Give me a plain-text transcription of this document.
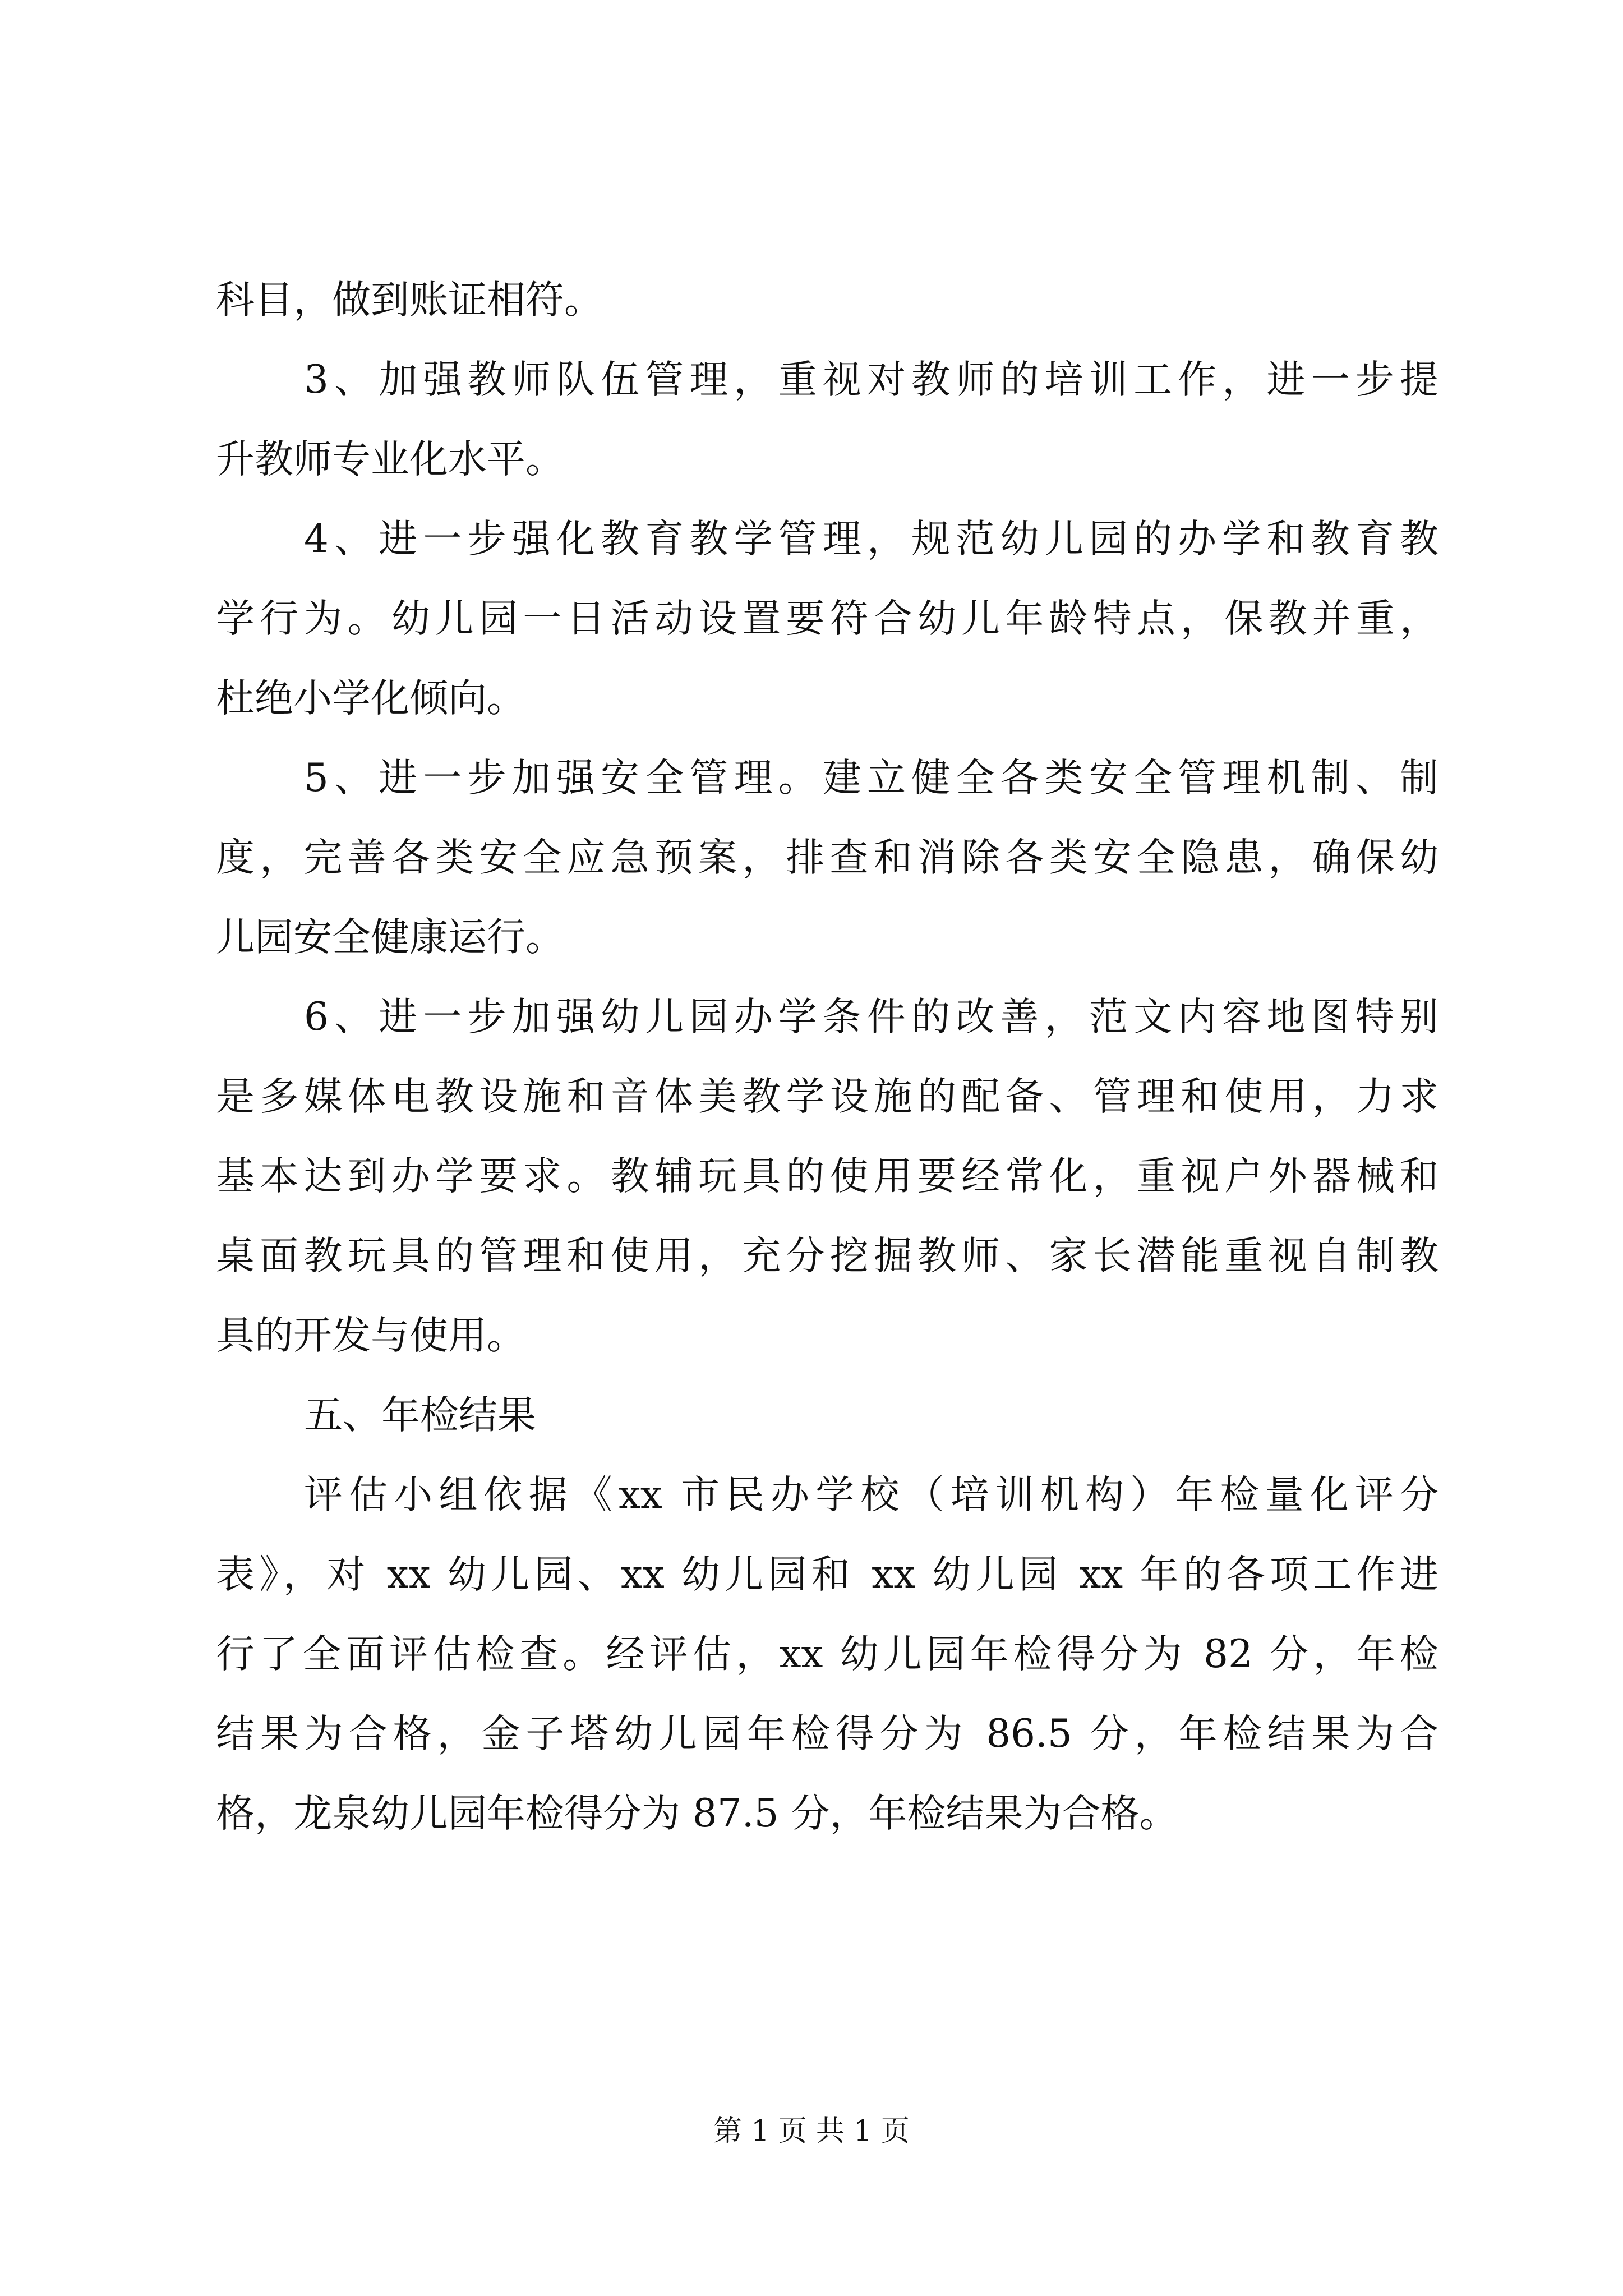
科目，做到账证相符。
3、加强教师队伍管理，重视对教师的培训工作，进一步提
升教师专业化水平。
4、进一步强化教育教学管理，规范幼儿园的办学和教育教
学行为。幼儿园一日活动设置要符合幼儿年龄特点，保教并重，
杜绝小学化倾向。
5、进一步加强安全管理。建立健全各类安全管理机制、制
度，完善各类安全应急预案，排查和消除各类安全隐患，确保幼
儿园安全健康运行。
6、进一步加强幼儿园办学条件的改善，范文内容地图特别
是多媒体电教设施和音体美教学设施的配备、管理和使用，力求
基本达到办学要求。教辅玩具的使用要经常化，重视户外器械和
桌面教玩具的管理和使用，充分挖掘教师、家长潜能重视自制教
具的开发与使用。
五、年检结果
评估小组依据《xx 市民办学校（培训机构）年检量化评分
表》，对 xx 幼儿园、xx 幼儿园和 xx 幼儿园 xx 年的各项工作进
行了全面评估检查。经评估，xx 幼儿园年检得分为 82 分，年检
结果为合格，金子塔幼儿园年检得分为 86.5 分，年检结果为合
格，龙泉幼儿园年检得分为 87.5 分，年检结果为合格。
第 1 页 共 1 页
